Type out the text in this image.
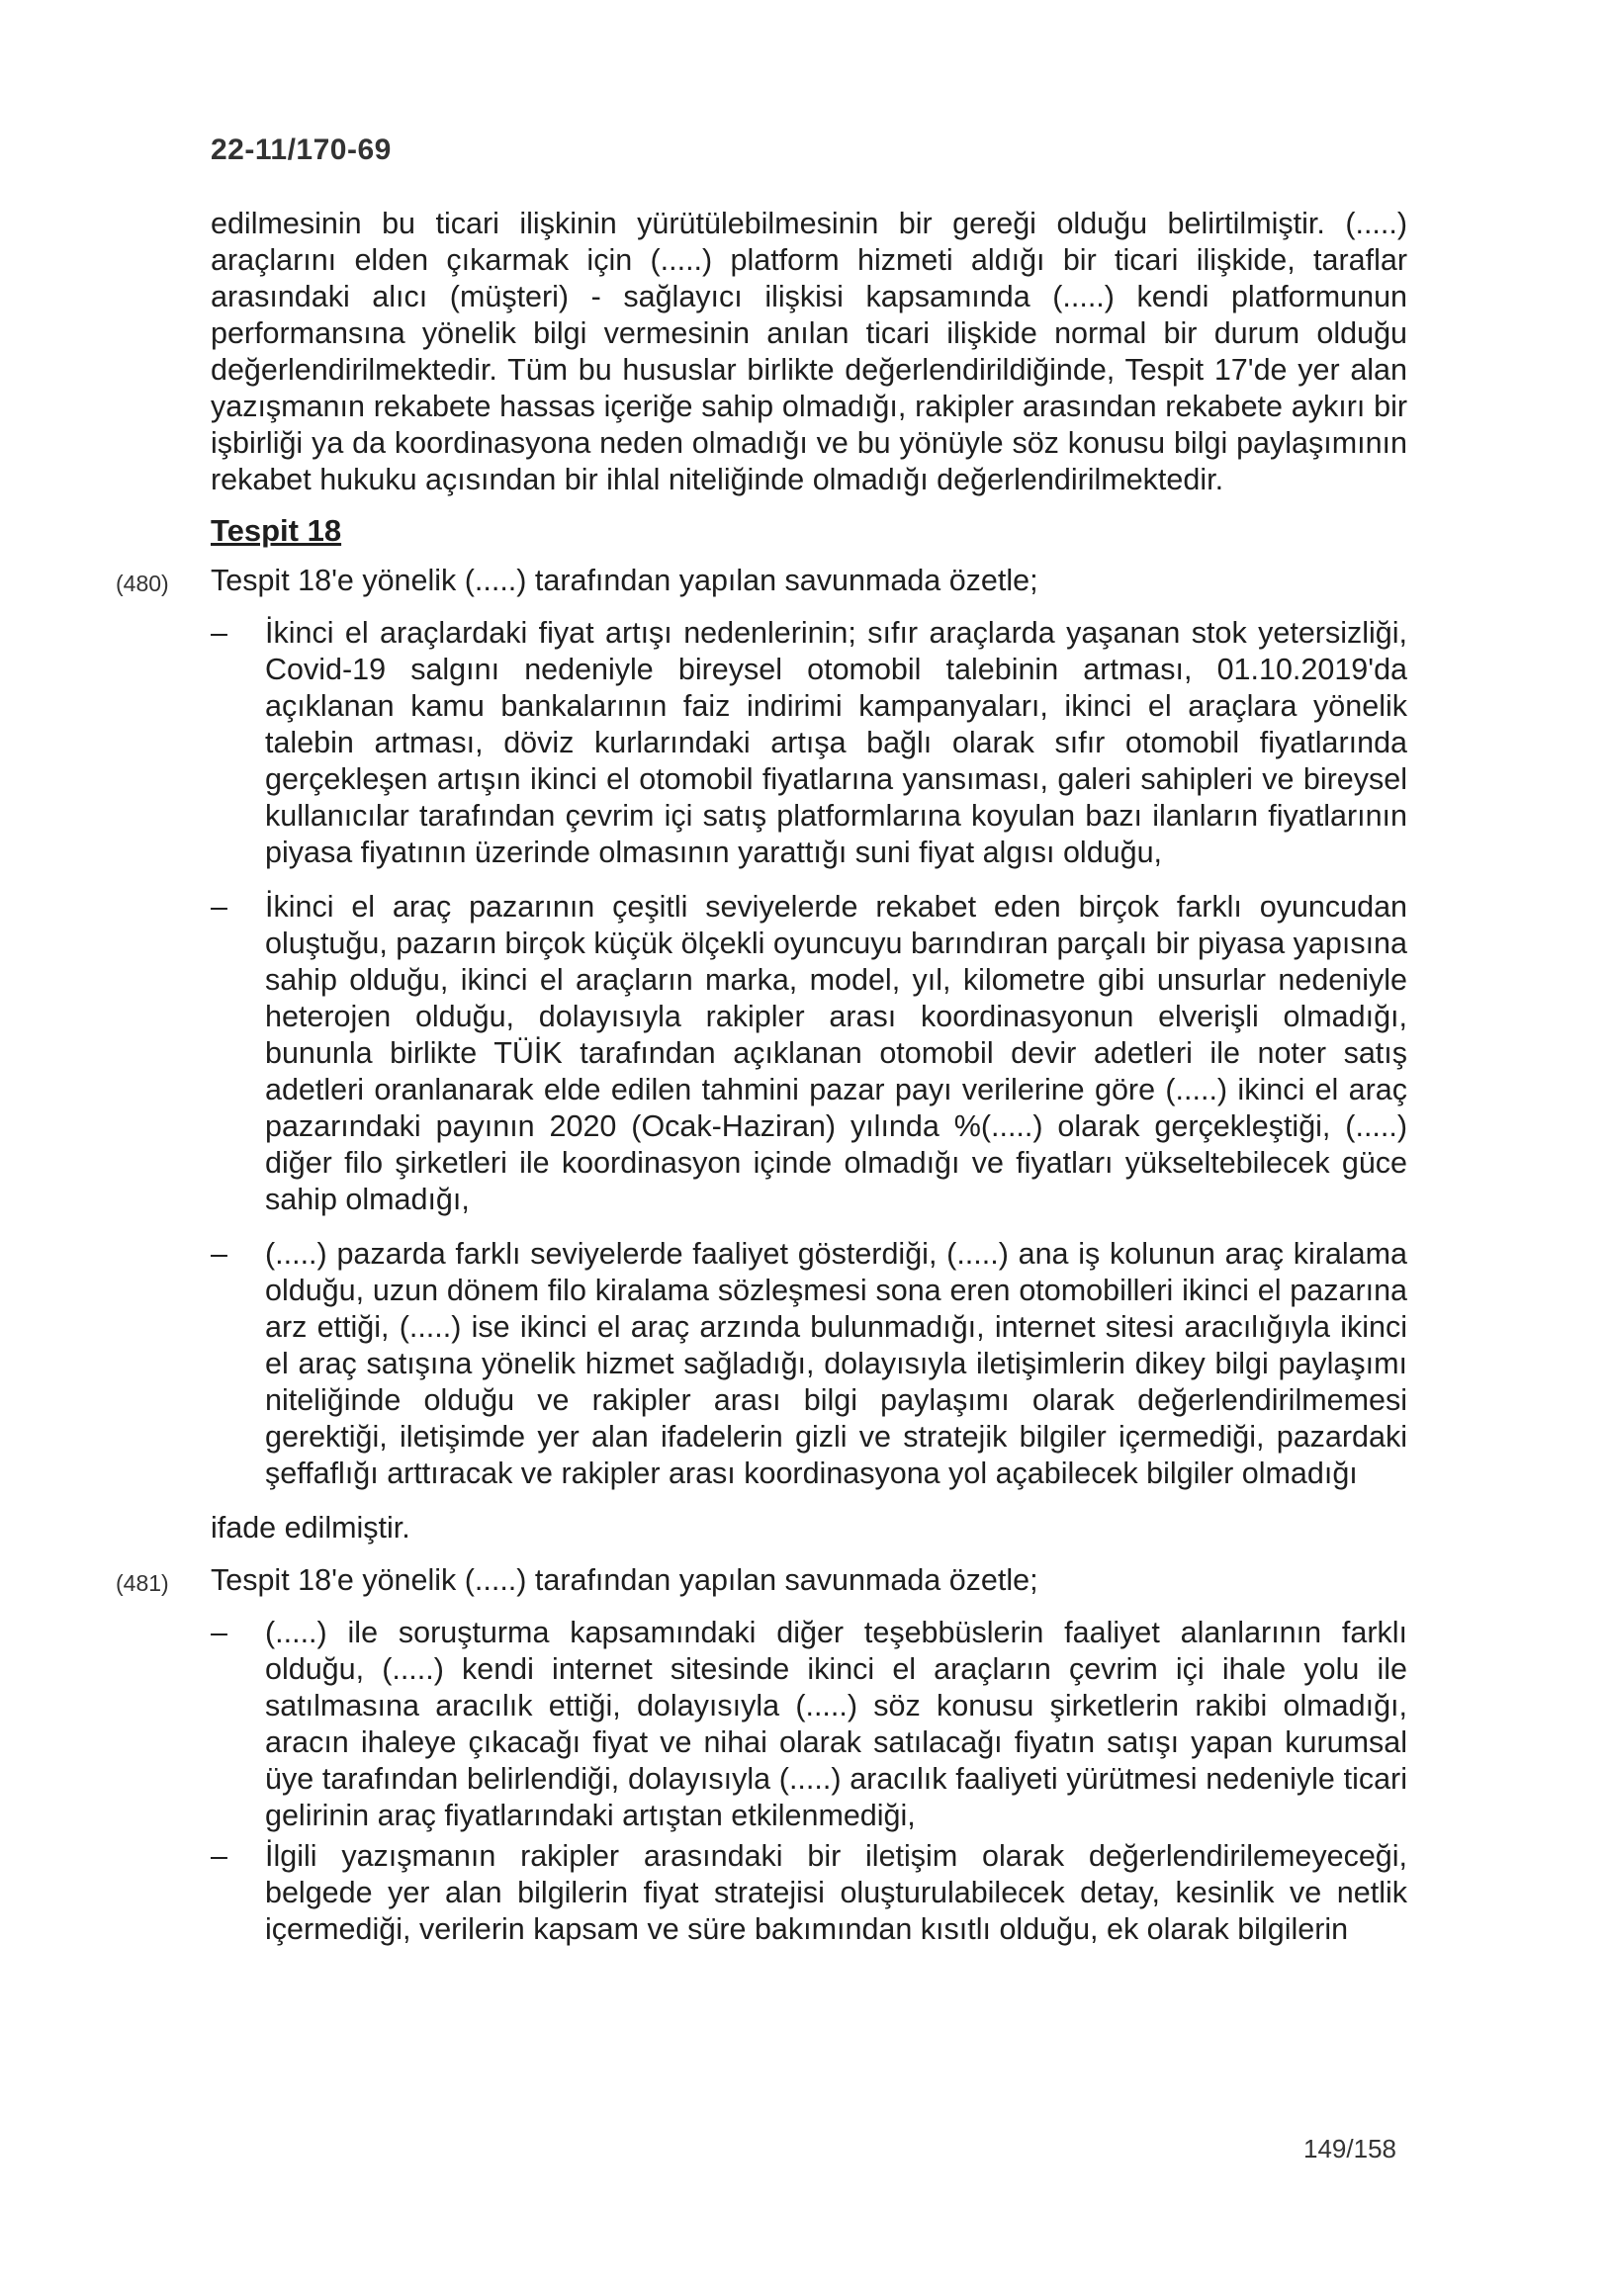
22-11/170-69

edilmesinin bu ticari ilişkinin yürütülebilmesinin bir gereği olduğu belirtilmiştir. (.....) araçlarını elden çıkarmak için (.....) platform hizmeti aldığı bir ticari ilişkide, taraflar arasındaki alıcı (müşteri) - sağlayıcı ilişkisi kapsamında (.....) kendi platformunun performansına yönelik bilgi vermesinin anılan ticari ilişkide normal bir durum olduğu değerlendirilmektedir. Tüm bu hususlar birlikte değerlendirildiğinde, Tespit 17'de yer alan yazışmanın rekabete hassas içeriğe sahip olmadığı, rakipler arasından rekabete aykırı bir işbirliği ya da koordinasyona neden olmadığı ve bu yönüyle söz konusu bilgi paylaşımının rekabet hukuku açısından bir ihlal niteliğinde olmadığı değerlendirilmektedir.

Tespit 18

(480) Tespit 18'e yönelik (.....) tarafından yapılan savunmada özetle;

–	İkinci el araçlardaki fiyat artışı nedenlerinin; sıfır araçlarda yaşanan stok yetersizliği, Covid-19 salgını nedeniyle bireysel otomobil talebinin artması, 01.10.2019'da açıklanan kamu bankalarının faiz indirimi kampanyaları, ikinci el araçlara yönelik talebin artması, döviz kurlarındaki artışa bağlı olarak sıfır otomobil fiyatlarında gerçekleşen artışın ikinci el otomobil fiyatlarına yansıması, galeri sahipleri ve bireysel kullanıcılar tarafından çevrim içi satış platformlarına koyulan bazı ilanların fiyatlarının piyasa fiyatının üzerinde olmasının yarattığı suni fiyat algısı olduğu,
–	İkinci el araç pazarının çeşitli seviyelerde rekabet eden birçok farklı oyuncudan oluştuğu, pazarın birçok küçük ölçekli oyuncuyu barındıran parçalı bir piyasa yapısına sahip olduğu, ikinci el araçların marka, model, yıl, kilometre gibi unsurlar nedeniyle heterojen olduğu, dolayısıyla rakipler arası koordinasyonun elverişli olmadığı, bununla birlikte TÜİK tarafından açıklanan otomobil devir adetleri ile noter satış adetleri oranlanarak elde edilen tahmini pazar payı verilerine göre (.....) ikinci el araç pazarındaki payının 2020 (Ocak-Haziran) yılında %(.....) olarak gerçekleştiği, (.....) diğer filo şirketleri ile koordinasyon içinde olmadığı ve fiyatları yükseltebilecek güce sahip olmadığı,
–	(.....) pazarda farklı seviyelerde faaliyet gösterdiği, (.....) ana iş kolunun araç kiralama olduğu, uzun dönem filo kiralama sözleşmesi sona eren otomobilleri ikinci el pazarına arz ettiği, (.....) ise ikinci el araç arzında bulunmadığı, internet sitesi aracılığıyla ikinci el araç satışına yönelik hizmet sağladığı, dolayısıyla iletişimlerin dikey bilgi paylaşımı niteliğinde olduğu ve rakipler arası bilgi paylaşımı olarak değerlendirilmemesi gerektiği, iletişimde yer alan ifadelerin gizli ve stratejik bilgiler içermediği, pazardaki şeffaflığı arttıracak ve rakipler arası koordinasyona yol açabilecek bilgiler olmadığı

ifade edilmiştir.

(481) Tespit 18'e yönelik (.....) tarafından yapılan savunmada özetle;

–	(.....) ile soruşturma kapsamındaki diğer teşebbüslerin faaliyet alanlarının farklı olduğu, (.....) kendi internet sitesinde ikinci el araçların çevrim içi ihale yolu ile satılmasına aracılık ettiği, dolayısıyla (.....) söz konusu şirketlerin rakibi olmadığı, aracın ihaleye çıkacağı fiyat ve nihai olarak satılacağı fiyatın satışı yapan kurumsal üye tarafından belirlendiği, dolayısıyla (.....) aracılık faaliyeti yürütmesi nedeniyle ticari gelirinin araç fiyatlarındaki artıştan etkilenmediği,
–	İlgili yazışmanın rakipler arasındaki bir iletişim olarak değerlendirilemeyeceği, belgede yer alan bilgilerin fiyat stratejisi oluşturulabilecek detay, kesinlik ve netlik içermediği, verilerin kapsam ve süre bakımından kısıtlı olduğu, ek olarak bilgilerin
149/158
